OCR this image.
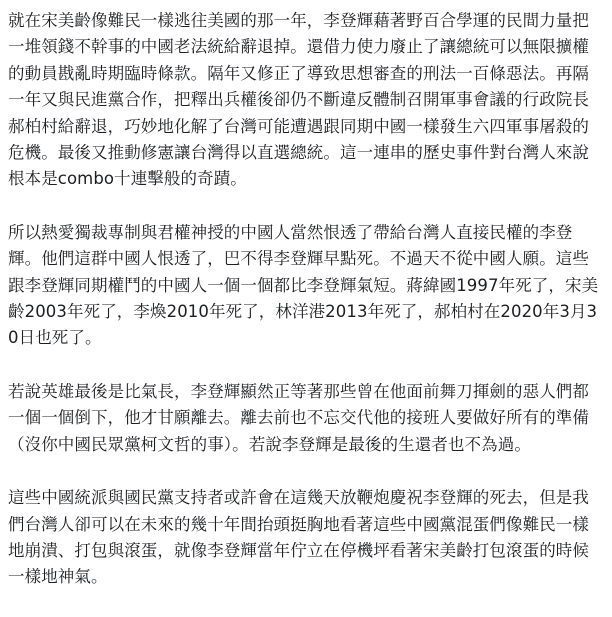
就在宋美齡像難民一樣逃往美國的那一年，李登輝藉著野百合學運的民間力量把一堆領錢不幹事的中國老法統給辭退掉。還借力使力廢止了讓總統可以無限擴權的動員戡亂時期臨時條款。隔年又修正了導致思想審查的刑法一百條惡法。再隔一年又與民進黨合作，把釋出兵權後卻仍不斷違反體制召開軍事會議的行政院長郝柏村給辭退，巧妙地化解了台灣可能遭遇跟同期中國一樣發生六四軍事屠殺的危機。最後又推動修憲讓台灣得以直選總統。這一連串的歷史事件對台灣人來說根本是combo十連擊般的奇蹟。

所以熱愛獨裁專制與君權神授的中國人當然恨透了帶給台灣人直接民權的李登輝。他們這群中國人恨透了，巴不得李登輝早點死。不過天不從中國人願。這些跟李登輝同期權鬥的中國人一個一個都比李登輝氣短。蔣緯國1997年死了，宋美齡2003年死了，李煥2010年死了，林洋港2013年死了，郝柏村在2020年3月30日也死了。

若說英雄最後是比氣長，李登輝顯然正等著那些曾在他面前舞刀揮劍的惡人們都一個一個倒下，他才甘願離去。離去前也不忘交代他的接班人要做好所有的準備（沒你中國民眾黨柯文哲的事）。若說李登輝是最後的生還者也不為過。

這些中國統派與國民黨支持者或許會在這幾天放鞭炮慶祝李登輝的死去，但是我們台灣人卻可以在未來的幾十年間抬頭挺胸地看著這些中國黨混蛋們像難民一樣地崩潰、打包與滾蛋，就像李登輝當年佇立在停機坪看著宋美齡打包滾蛋的時候一樣地神氣。
